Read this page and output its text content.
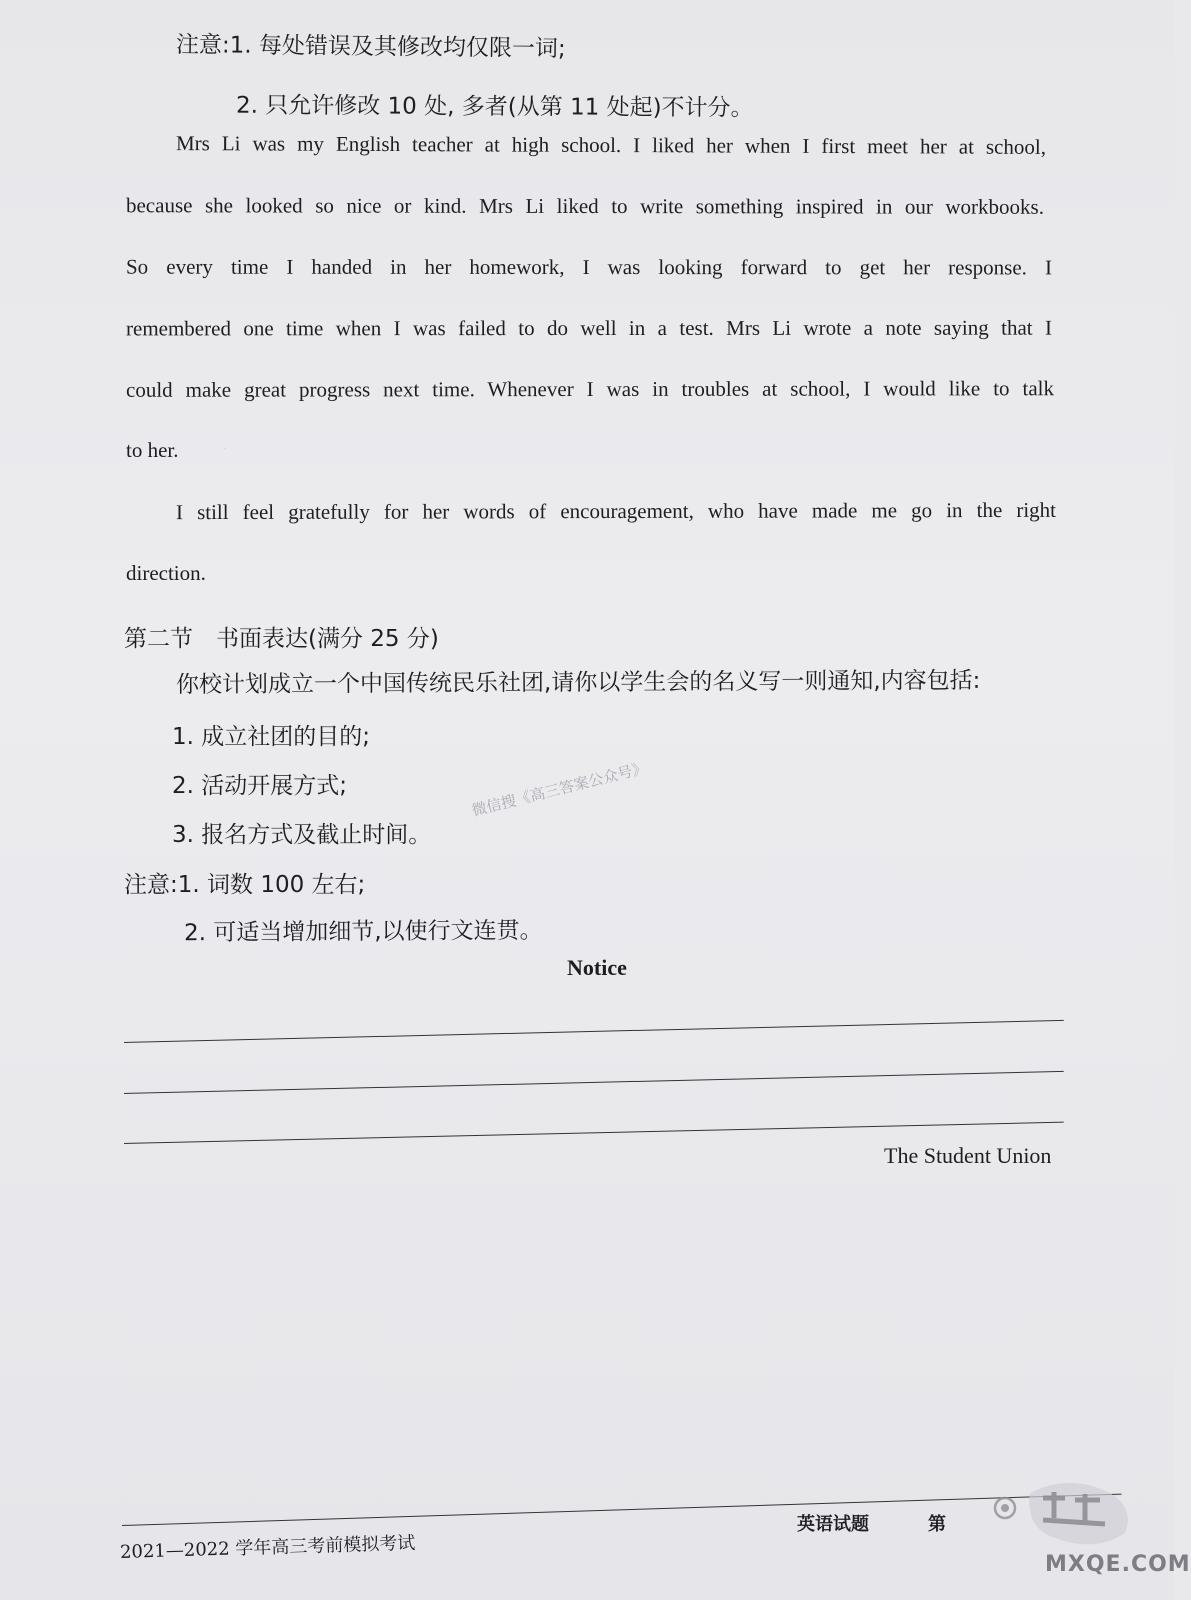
注意:1. 每处错误及其修改均仅限一词;
2. 只允许修改 10 处, 多者(从第 11 处起)不计分。
Mrs Li was my English teacher at high school. I liked her when I first meet her at school,
because she looked so nice or kind. Mrs Li liked to write something inspired in our workbooks.
So every time I handed in her homework, I was looking forward to get her response. I
remembered one time when I was failed to do well in a test. Mrs Li wrote a note saying that I
could make great progress next time. Whenever I was in troubles at school, I would like to talk
to her.	·
I still feel gratefully for her words of encouragement, who have made me go in the right
direction.
第二节　书面表达(满分 25 分)
你校计划成立一个中国传统民乐社团,请你以学生会的名义写一则通知,内容包括:
1. 成立社团的目的;
2. 活动开展方式;
3. 报名方式及截止时间。
注意:1. 词数 100 左右;
2. 可适当增加细节,以使行文连贯。
微信搜《高三答案公众号》
Notice
The Student Union
2021—2022 学年高三考前模拟考试
英语试题	第
MXQE.COM
